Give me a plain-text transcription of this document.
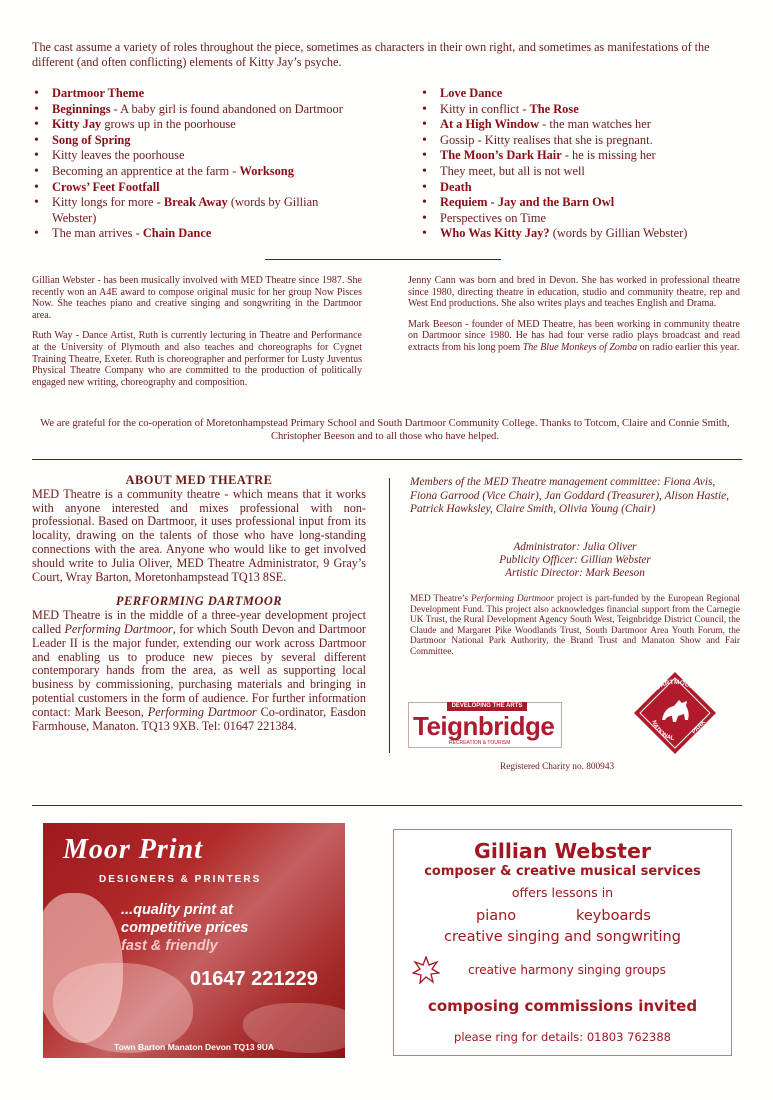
The cast assume a variety of roles throughout the piece, sometimes as characters in their own right, and sometimes as manifestations of the different (and often conflicting) elements of Kitty Jay’s psyche.
• Dartmoor Theme
• Beginnings - A baby girl is found abandoned on Dartmoor
• Kitty Jay grows up in the poorhouse
• Song of Spring
• Kitty leaves the poorhouse
• Becoming an apprentice at the farm - Worksong
• Crows’ Feet Footfall
• Kitty longs for more - Break Away (words by Gillian Webster)
• The man arrives - Chain Dance
• Love Dance
• Kitty in conflict - The Rose
• At a High Window - the man watches her
• Gossip - Kitty realises that she is pregnant.
• The Moon’s Dark Hair - he is missing her
• They meet, but all is not well
• Death
• Requiem - Jay and the Barn Owl
• Perspectives on Time
• Who Was Kitty Jay? (words by Gillian Webster)

Gillian Webster - has been musically involved with MED Theatre since 1987. She recently won an A4E award to compose original music for her group Now Pisces Now. She teaches piano and creative singing and songwriting in the Dartmoor area.

Ruth Way - Dance Artist, Ruth is currently lecturing in Theatre and Performance at the University of Plymouth and also teaches and choreographs for Cygnet Training Theatre, Exeter. Ruth is choreographer and performer for Lusty Juventus Physical Theatre Company who are committed to the production of politically engaged new writing, choreography and composition.

Jenny Cann was born and bred in Devon. She has worked in professional theatre since 1980, directing theatre in education, studio and community theatre, rep and West End productions. She also writes plays and teaches English and Drama.

Mark Beeson - founder of MED Theatre, has been working in community theatre on Dartmoor since 1980. He has had four verse radio plays broadcast and read extracts from his long poem The Blue Monkeys of Zomba on radio earlier this year.

We are grateful for the co-operation of Moretonhampstead Primary School and South Dartmoor Community College. Thanks to Totcom, Claire and Connie Smith, Christopher Beeson and to all those who have helped.
ABOUT MED THEATRE

MED Theatre is a community theatre - which means that it works with anyone interested and mixes professional with non-professional. Based on Dartmoor, it uses professional input from its locality, drawing on the talents of those who have long-standing connections with the area. Anyone who would like to get involved should write to Julia Oliver, MED Theatre Administrator, 9 Gray’s Court, Wray Barton, Moretonhampstead TQ13 8SE.

PERFORMING DARTMOOR

MED Theatre is in the middle of a three-year development project called Performing Dartmoor, for which South Devon and Dartmoor Leader II is the major funder, extending our work across Dartmoor and enabling us to produce new pieces by several different contemporary hands from the area, as well as supporting local business by commissioning, purchasing materials and bringing in potential customers in the form of audience. For further information contact: Mark Beeson, Performing Dartmoor Co-ordinator, Easdon Farmhouse, Manaton. TQ13 9XB. Tel: 01647 221384.

Members of the MED Theatre management committee: Fiona Avis, Fiona Garrood (Vice Chair), Jan Goddard (Treasurer), Alison Hastie, Patrick Hawksley, Claire Smith, Olivia Young (Chair)
Administrator: Julia Oliver
Publicity Officer: Gillian Webster
Artistic Director: Mark Beeson

MED Theatre’s Performing Dartmoor project is part-funded by the European Regional Development Fund. This project also acknowledges financial support from the Carnegie UK Trust, the Rural Development Agency South West, Teignbridge District Council, the Claude and Margaret Pike Woodlands Trust, South Dartmoor Area Youth Forum, the Dartmoor National Park Authority, the Brand Trust and Manaton Show and Fair Committee.

DEVELOPING THE ARTS
Teignbridge
RECREATION & TOURISM
DARTMOOR
NATIONAL
PARK
Registered Charity no. 800943
Moor Print
DESIGNERS & PRINTERS
...quality print at
competitive prices
fast & friendly
01647 221229
Town Barton Manaton Devon TQ13 9UA
Gillian Webster
composer & creative musical services
offers lessons in
piano	keyboards
creative singing and songwriting
creative harmony singing groups
composing commissions invited
please ring for details: 01803 762388
